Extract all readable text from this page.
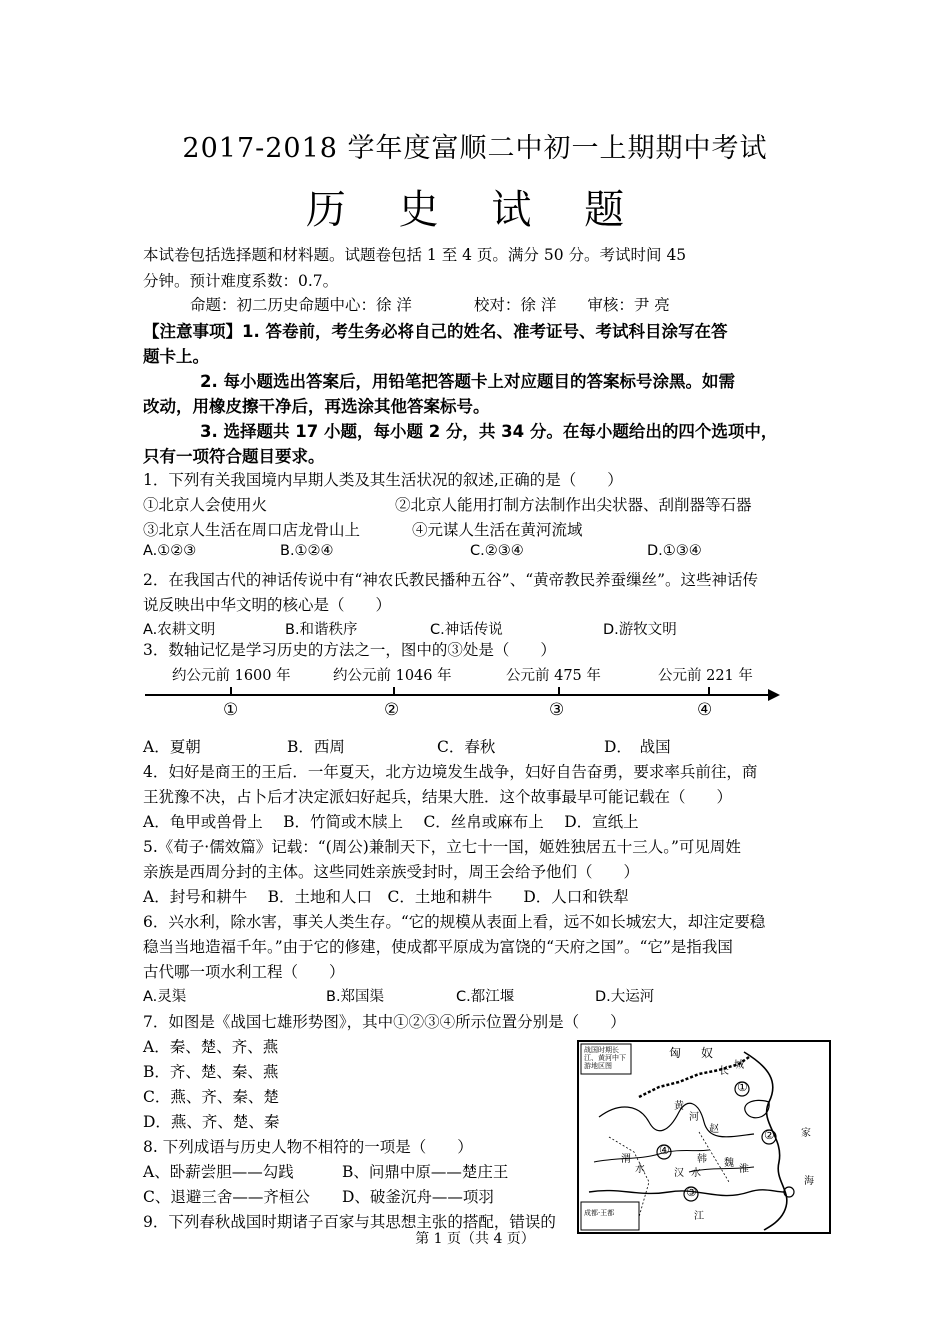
2017-2018 学年度富顺二中初一上期期中考试
历 史 试 题
本试卷包括选择题和材料题。试题卷包括 1 至 4 页。满分 50 分。考试时间 45
分钟。预计难度系数：0.7。
命题：初二历史命题中心：徐 洋　　　　校对：徐 洋　　审核：尹 亮
【注意事项】1. 答卷前，考生务必将自己的姓名、准考证号、考试科目涂写在答
题卡上。
2. 每小题选出答案后，用铅笔把答题卡上对应题目的答案标号涂黑。如需
改动，用橡皮擦干净后，再选涂其他答案标号。
3. 选择题共 17 小题，每小题 2 分，共 34 分。在每小题给出的四个选项中，
只有一项符合题目要求。
1．下列有关我国境内早期人类及其生活状况的叙述,正确的是（　　）
①北京人会使用火	②北京人能用打制方法制作出尖状器、刮削器等石器
③北京人生活在周口店龙骨山上	④元谋人生活在黄河流域
A.①②③	B.①②④	C.②③④	D.①③④
2．在我国古代的神话传说中有“神农氏教民播种五谷”、“黄帝教民养蚕缫丝”。这些神话传
说反映出中华文明的核心是（　　）
A.农耕文明	B.和谐秩序	C.神话传说	D.游牧文明
3．数轴记忆是学习历史的方法之一，图中的③处是（　　）
约公元前 1600 年
①
约公元前 1046 年
②
公元前 475 年
③
公元前 221 年
④
A．夏朝	B．西周	C．春秋	D．　战国
4．妇好是商王的王后．一年夏天，北方边境发生战争，妇好自告奋勇，要求率兵前往，商
王犹豫不决，占卜后才决定派妇好起兵，结果大胜．这个故事最早可能记载在（　　）
A．龟甲或兽骨上　 B．竹简或木牍上　 C．丝帛或麻布上　 D．宣纸上
5.《荀子·儒效篇》记载：“(周公)兼制天下，立七十一国，姬姓独居五十三人。”可见周姓
亲族是西周分封的主体。这些同姓亲族受封时，周王会给予他们（　　）
A．封号和耕牛　 B．土地和人口　C．土地和耕牛　　D．人口和铁犁
6．兴水利，除水害，事关人类生存。“它的规模从表面上看，远不如长城宏大，却注定要稳
稳当当地造福千年。”由于它的修建，使成都平原成为富饶的“天府之国”。“它”是指我国
古代哪一项水利工程（　　）
A.灵渠	B.郑国渠	C.都江堰	D.大运河
7．如图是《战国七雄形势图》，其中①②③④所示位置分别是（　　）
A．秦、楚、齐、燕
B．齐、楚、秦、燕
C．燕、齐、秦、楚
D．燕、齐、楚、秦
战国时期长江、黄河中下游地区图
匈 奴
①
②
③
④
长
城
赵
韩 魏
汉 水
家
海
江
黄
河
淮
渭
水
成都·王都
8. 下列成语与历史人物不相符的一项是（　　）
A、卧薪尝胆——勾践	B、问鼎中原——楚庄王
C、退避三舍——齐桓公 D、破釜沉舟——项羽
9．下列春秋战国时期诸子百家与其思想主张的搭配，错误的
第 1 页（共 4 页）
